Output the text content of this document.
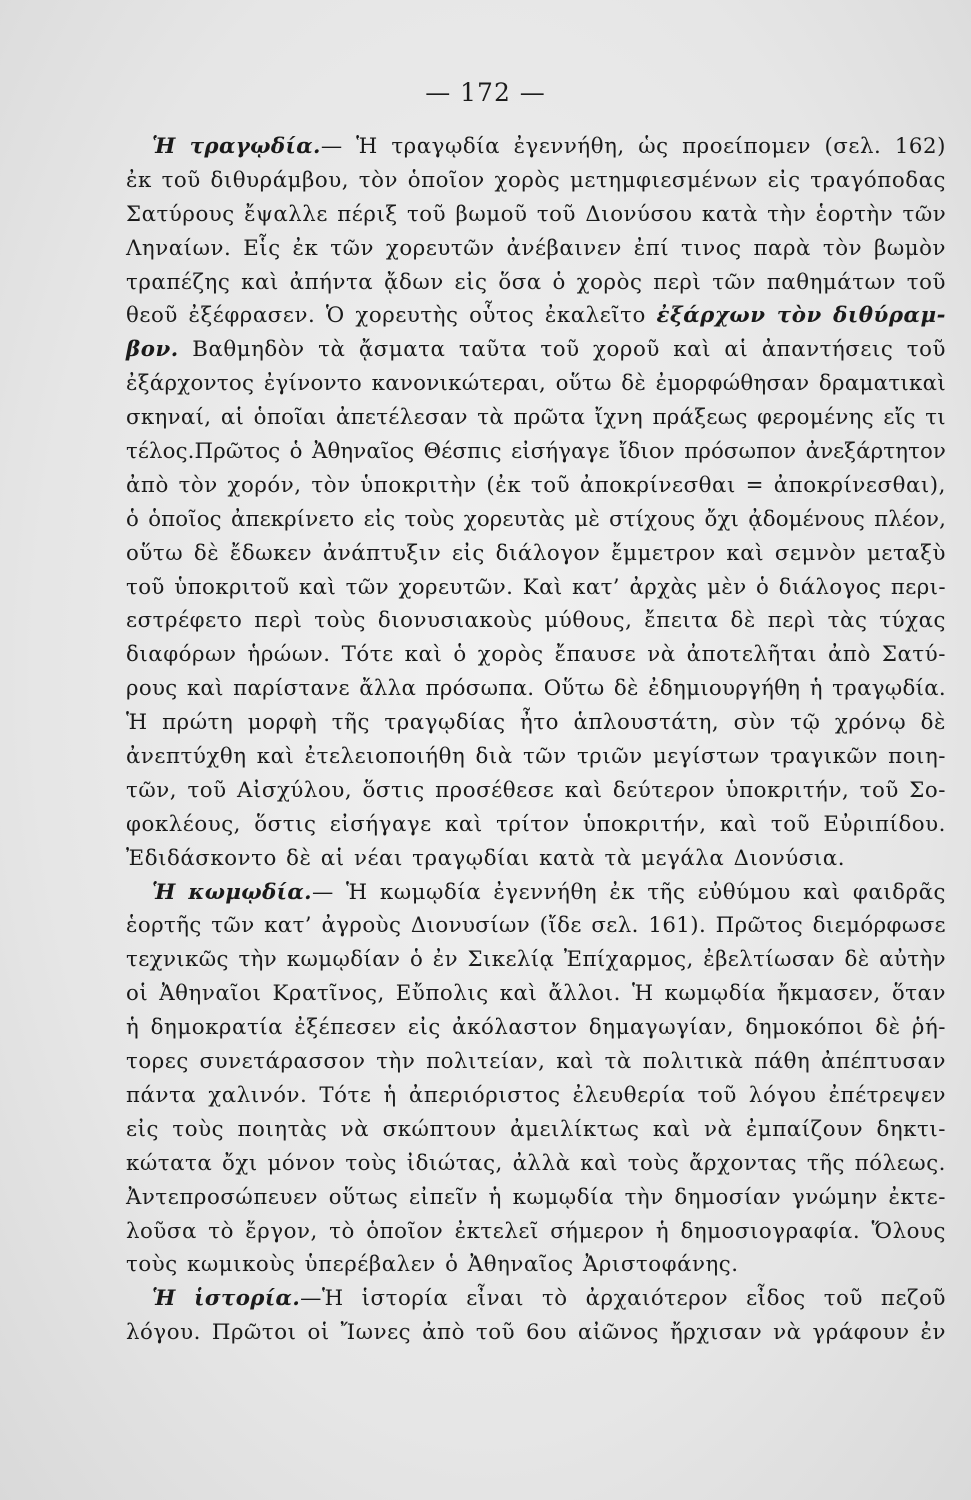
— 172 —
Ἡ τραγῳδία.— Ἡ τραγῳδία ἐγεννήθη, ὡς προείπομεν (σελ. 162)
ἐκ τοῦ διθυράμβου, τὸν ὁποῖον χορὸς μετημφιεσμένων εἰς τραγόποδας
Σατύρους ἔψαλλε πέριξ τοῦ βωμοῦ τοῦ Διονύσου κατὰ τὴν ἑορτὴν τῶν
Ληναίων. Εἷς ἐκ τῶν χορευτῶν ἀνέβαινεν ἐπί τινος παρὰ τὸν βωμὸν
τραπέζης καὶ ἀπήντα ᾄδων εἰς ὅσα ὁ χορὸς περὶ τῶν παθημάτων τοῦ
θεοῦ ἐξέφρασεν. Ὁ χορευτὴς οὗτος ἐκαλεῖτο ἐξάρχων τὸν διθύραμ-
βον. Βαθμηδὸν τὰ ᾄσματα ταῦτα τοῦ χοροῦ καὶ αἱ ἀπαντήσεις τοῦ
ἐξάρχοντος ἐγίνοντο κανονικώτεραι, οὕτω δὲ ἐμορφώθησαν δραματικαὶ
σκηναί, αἱ ὁποῖαι ἀπετέλεσαν τὰ πρῶτα ἴχνη πράξεως φερομένης εἴς τι
τέλος.Πρῶτος ὁ Ἀθηναῖος Θέσπις εἰσήγαγε ἴδιον πρόσωπον ἀνεξάρτητον
ἀπὸ τὸν χορόν, τὸν ὑποκριτὴν (ἐκ τοῦ ἀποκρίνεσθαι = ἀποκρίνεσθαι),
ὁ ὁποῖος ἀπεκρίνετο εἰς τοὺς χορευτὰς μὲ στίχους ὄχι ᾀδομένους πλέον,
οὕτω δὲ ἔδωκεν ἀνάπτυξιν εἰς διάλογον ἔμμετρον καὶ σεμνὸν μεταξὺ
τοῦ ὑποκριτοῦ καὶ τῶν χορευτῶν. Καὶ κατ’ ἀρχὰς μὲν ὁ διάλογος περι-
εστρέφετο περὶ τοὺς διονυσιακοὺς μύθους, ἔπειτα δὲ περὶ τὰς τύχας
διαφόρων ἡρώων. Τότε καὶ ὁ χορὸς ἔπαυσε νὰ ἀποτελῆται ἀπὸ Σατύ-
ρους καὶ παρίστανε ἄλλα πρόσωπα. Οὕτω δὲ ἐδημιουργήθη ἡ τραγῳδία.
Ἡ πρώτη μορφὴ τῆς τραγῳδίας ἦτο ἁπλουστάτη, σὺν τῷ χρόνῳ δὲ
ἀνεπτύχθη καὶ ἐτελειοποιήθη διὰ τῶν τριῶν μεγίστων τραγικῶν ποιη-
τῶν, τοῦ Αἰσχύλου, ὅστις προσέθεσε καὶ δεύτερον ὑποκριτήν, τοῦ Σο-
φοκλέους, ὅστις εἰσήγαγε καὶ τρίτον ὑποκριτήν, καὶ τοῦ Εὐριπίδου.
Ἐδιδάσκοντο δὲ αἱ νέαι τραγῳδίαι κατὰ τὰ μεγάλα Διονύσια.
Ἡ κωμῳδία.— Ἡ κωμῳδία ἐγεννήθη ἐκ τῆς εὐθύμου καὶ φαιδρᾶς
ἑορτῆς τῶν κατ’ ἀγροὺς Διονυσίων (ἴδε σελ. 161). Πρῶτος διεμόρφωσε
τεχνικῶς τὴν κωμῳδίαν ὁ ἐν Σικελίᾳ Ἐπίχαρμος, ἐβελτίωσαν δὲ αὐτὴν
οἱ Ἀθηναῖοι Κρατῖνος, Εὔπολις καὶ ἄλλοι. Ἡ κωμῳδία ἤκμασεν, ὅταν
ἡ δημοκρατία ἐξέπεσεν εἰς ἀκόλαστον δημαγωγίαν, δημοκόποι δὲ ῥή-
τορες συνετάρασσον τὴν πολιτείαν, καὶ τὰ πολιτικὰ πάθη ἀπέπτυσαν
πάντα χαλινόν. Τότε ἡ ἀπεριόριστος ἐλευθερία τοῦ λόγου ἐπέτρεψεν
εἰς τοὺς ποιητὰς νὰ σκώπτουν ἀμειλίκτως καὶ νὰ ἐμπαίζουν δηκτι-
κώτατα ὄχι μόνον τοὺς ἰδιώτας, ἀλλὰ καὶ τοὺς ἄρχοντας τῆς πόλεως.
Ἀντεπροσώπευεν οὕτως εἰπεῖν ἡ κωμῳδία τὴν δημοσίαν γνώμην ἐκτε-
λοῦσα τὸ ἔργον, τὸ ὁποῖον ἐκτελεῖ σήμερον ἡ δημοσιογραφία. Ὅλους
τοὺς κωμικοὺς ὑπερέβαλεν ὁ Ἀθηναῖος Ἀριστοφάνης.
Ἡ ἱστορία.—Ἡ ἱστορία εἶναι τὸ ἀρχαιότερον εἶδος τοῦ πεζοῦ
λόγου. Πρῶτοι οἱ Ἴωνες ἀπὸ τοῦ 6ου αἰῶνος ἤρχισαν νὰ γράφουν ἐν
